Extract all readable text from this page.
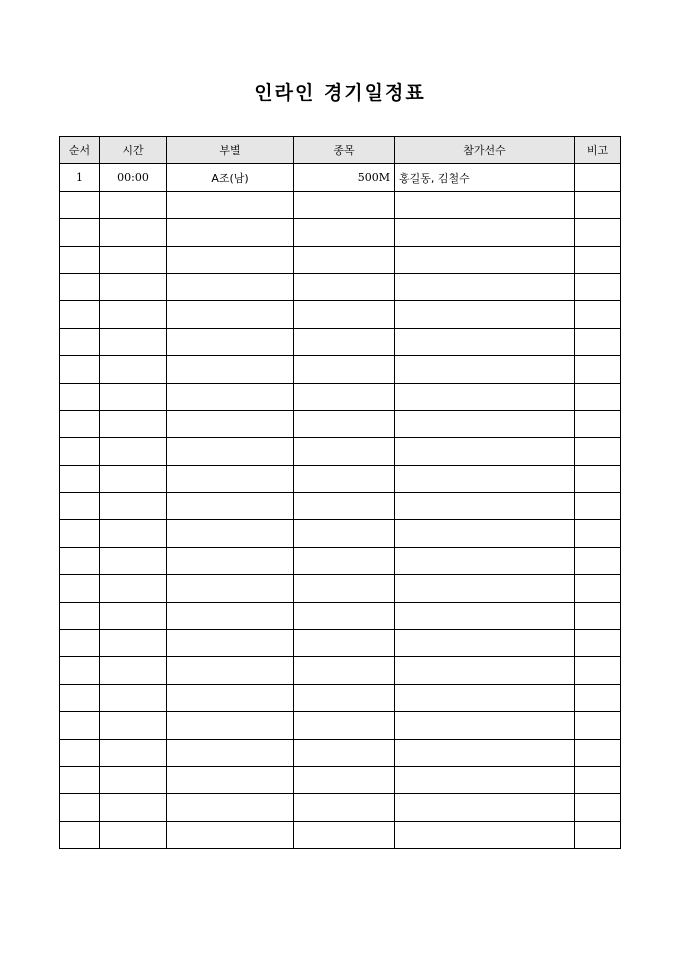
인라인 경기일정표
순서	시간	부별	종목	참가선수	비고
1	00:00	A조(남)	500M	홍길동, 김철수	
